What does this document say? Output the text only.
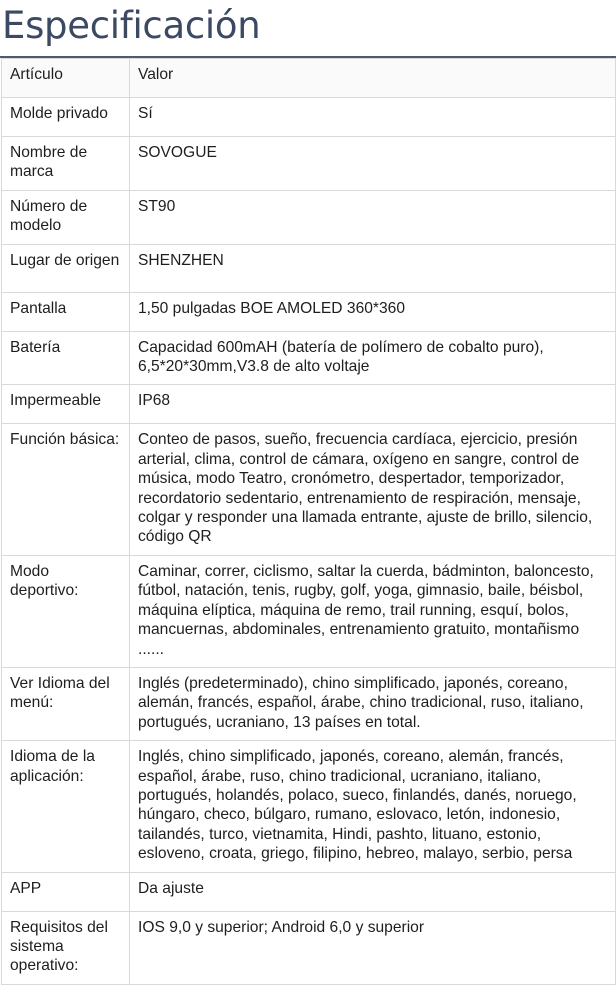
Especificación
Artículo	Valor
Molde privado	Sí
Nombre de marca	SOVOGUE
Número de modelo	ST90
Lugar de origen	SHENZHEN
Pantalla	1,50 pulgadas BOE AMOLED 360*360
Batería	Capacidad 600mAH (batería de polímero de cobalto puro), 6,5*20*30mm,V3.8 de alto voltaje
Impermeable	IP68
Función básica:	Conteo de pasos, sueño, frecuencia cardíaca, ejercicio, presión arterial, clima, control de cámara, oxígeno en sangre, control de música, modo Teatro, cronómetro, despertador, temporizador, recordatorio sedentario, entrenamiento de respiración, mensaje, colgar y responder una llamada entrante, ajuste de brillo, silencio, código QR
Modo deportivo:	Caminar, correr, ciclismo, saltar la cuerda, bádminton, baloncesto, fútbol, natación, tenis, rugby, golf, yoga, gimnasio, baile, béisbol, máquina elíptica, máquina de remo, trail running, esquí, bolos, mancuernas, abdominales, entrenamiento gratuito, montañismo ......
Ver Idioma del menú:	Inglés (predeterminado), chino simplificado, japonés, coreano, alemán, francés, español, árabe, chino tradicional, ruso, italiano, portugués, ucraniano, 13 países en total.
Idioma de la aplicación:	Inglés, chino simplificado, japonés, coreano, alemán, francés, español, árabe, ruso, chino tradicional, ucraniano, italiano, portugués, holandés, polaco, sueco, finlandés, danés, noruego, húngaro, checo, búlgaro, rumano, eslovaco, letón, indonesio, tailandés, turco, vietnamita, Hindi, pashto, lituano, estonio, esloveno, croata, griego, filipino, hebreo, malayo, serbio, persa
APP	Da ajuste
Requisitos del sistema operativo:	IOS 9,0 y superior; Android 6,0 y superior
